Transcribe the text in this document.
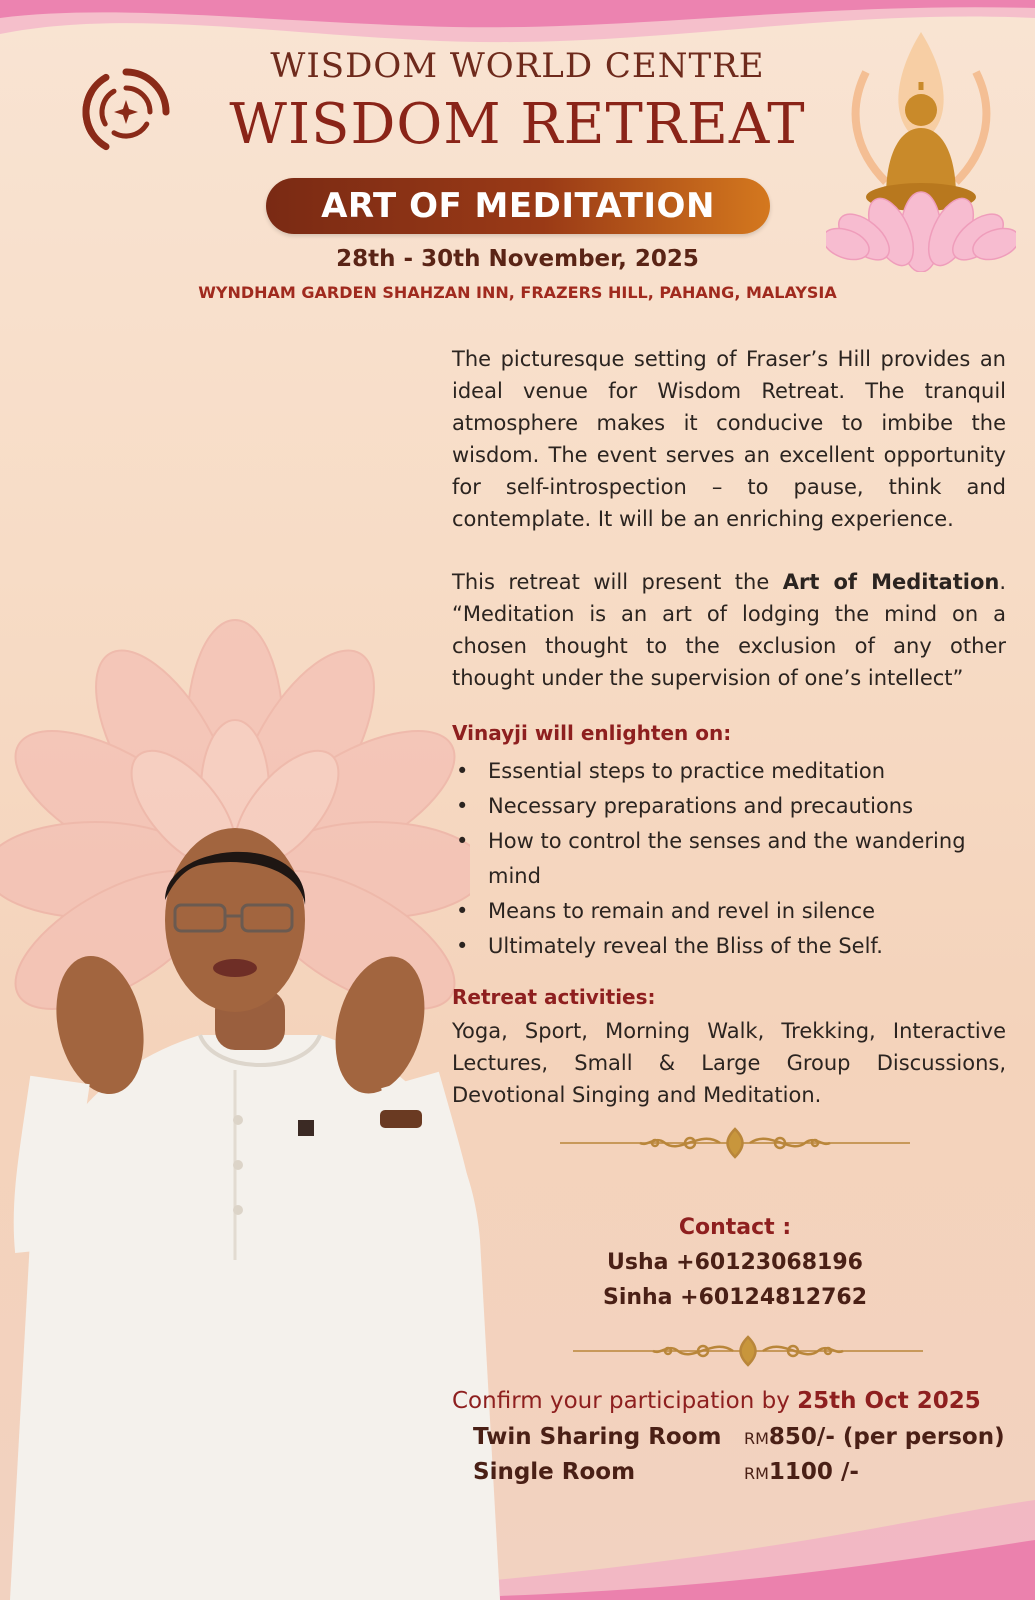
WISDOM WORLD CENTRE
WISDOM RETREAT
ART OF MEDITATION
28th - 30th November, 2025
WYNDHAM GARDEN SHAHZAN INN, FRAZERS HILL, PAHANG, MALAYSIA
The picturesque setting of Fraser’s Hill provides an ideal venue for Wisdom Retreat. The tranquil atmosphere makes it conducive to imbibe the wisdom. The event serves an excellent opportunity for self-introspection – to pause, think and contemplate. It will be an enriching experience.
This retreat will present the Art of Meditation. “Meditation is an art of lodging the mind on a chosen thought to the exclusion of any other thought under the supervision of one’s intellect”
Vinayji will enlighten on:
• Essential steps to practice meditation
• Necessary preparations and precautions
• How to control the senses and the wandering mind
• Means to remain and revel in silence
• Ultimately reveal the Bliss of the Self.
Retreat activities:
Yoga, Sport, Morning Walk, Trekking, Interactive Lectures, Small & Large Group Discussions, Devotional Singing and Meditation.
Contact :
Usha +60123068196
Sinha +60124812762
Confirm your participation by 25th Oct 2025
Twin Sharing Room RM850/- (per person)
Single Room	RM1100 /-
